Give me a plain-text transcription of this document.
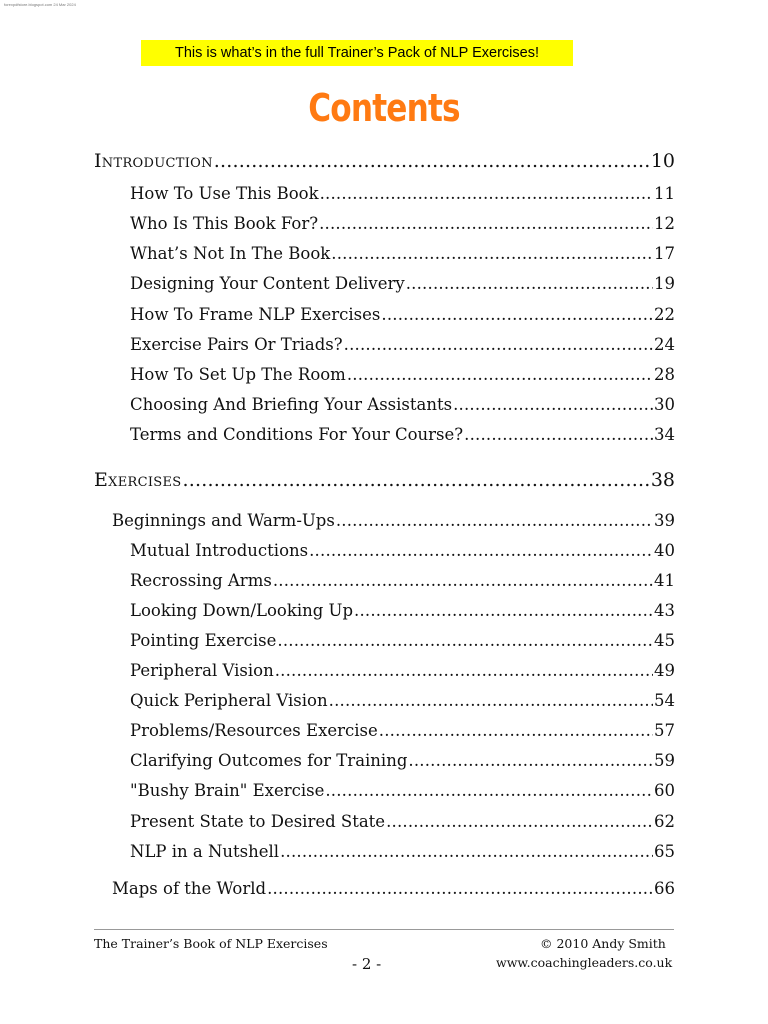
forexpdfstore.blogspot.com 24 Mar 2024
This is what’s in the full Trainer’s Pack of NLP Exercises!
Contents
Introduction .....	10
How To Use This Book .....	11
Who Is This Book For? .....	12
What’s Not In The Book .....	17
Designing Your Content Delivery .....	19
How To Frame NLP Exercises .....	22
Exercise Pairs Or Triads? .....	24
How To Set Up The Room .....	28
Choosing And Briefing Your Assistants .....	30
Terms and Conditions For Your Course? .....	34
Exercises .....	38
Beginnings and Warm-Ups .....	39
Mutual Introductions .....	40
Recrossing Arms .....	41
Looking Down/Looking Up .....	43
Pointing Exercise .....	45
Peripheral Vision .....	49
Quick Peripheral Vision .....	54
Problems/Resources Exercise .....	57
Clarifying Outcomes for Training .....	59
"Bushy Brain" Exercise .....	60
Present State to Desired State .....	62
NLP in a Nutshell .....	65
Maps of the World .....	66
The Trainer’s Book of NLP Exercises
- 2 -
© 2010 Andy Smith
www.coachingleaders.co.uk
